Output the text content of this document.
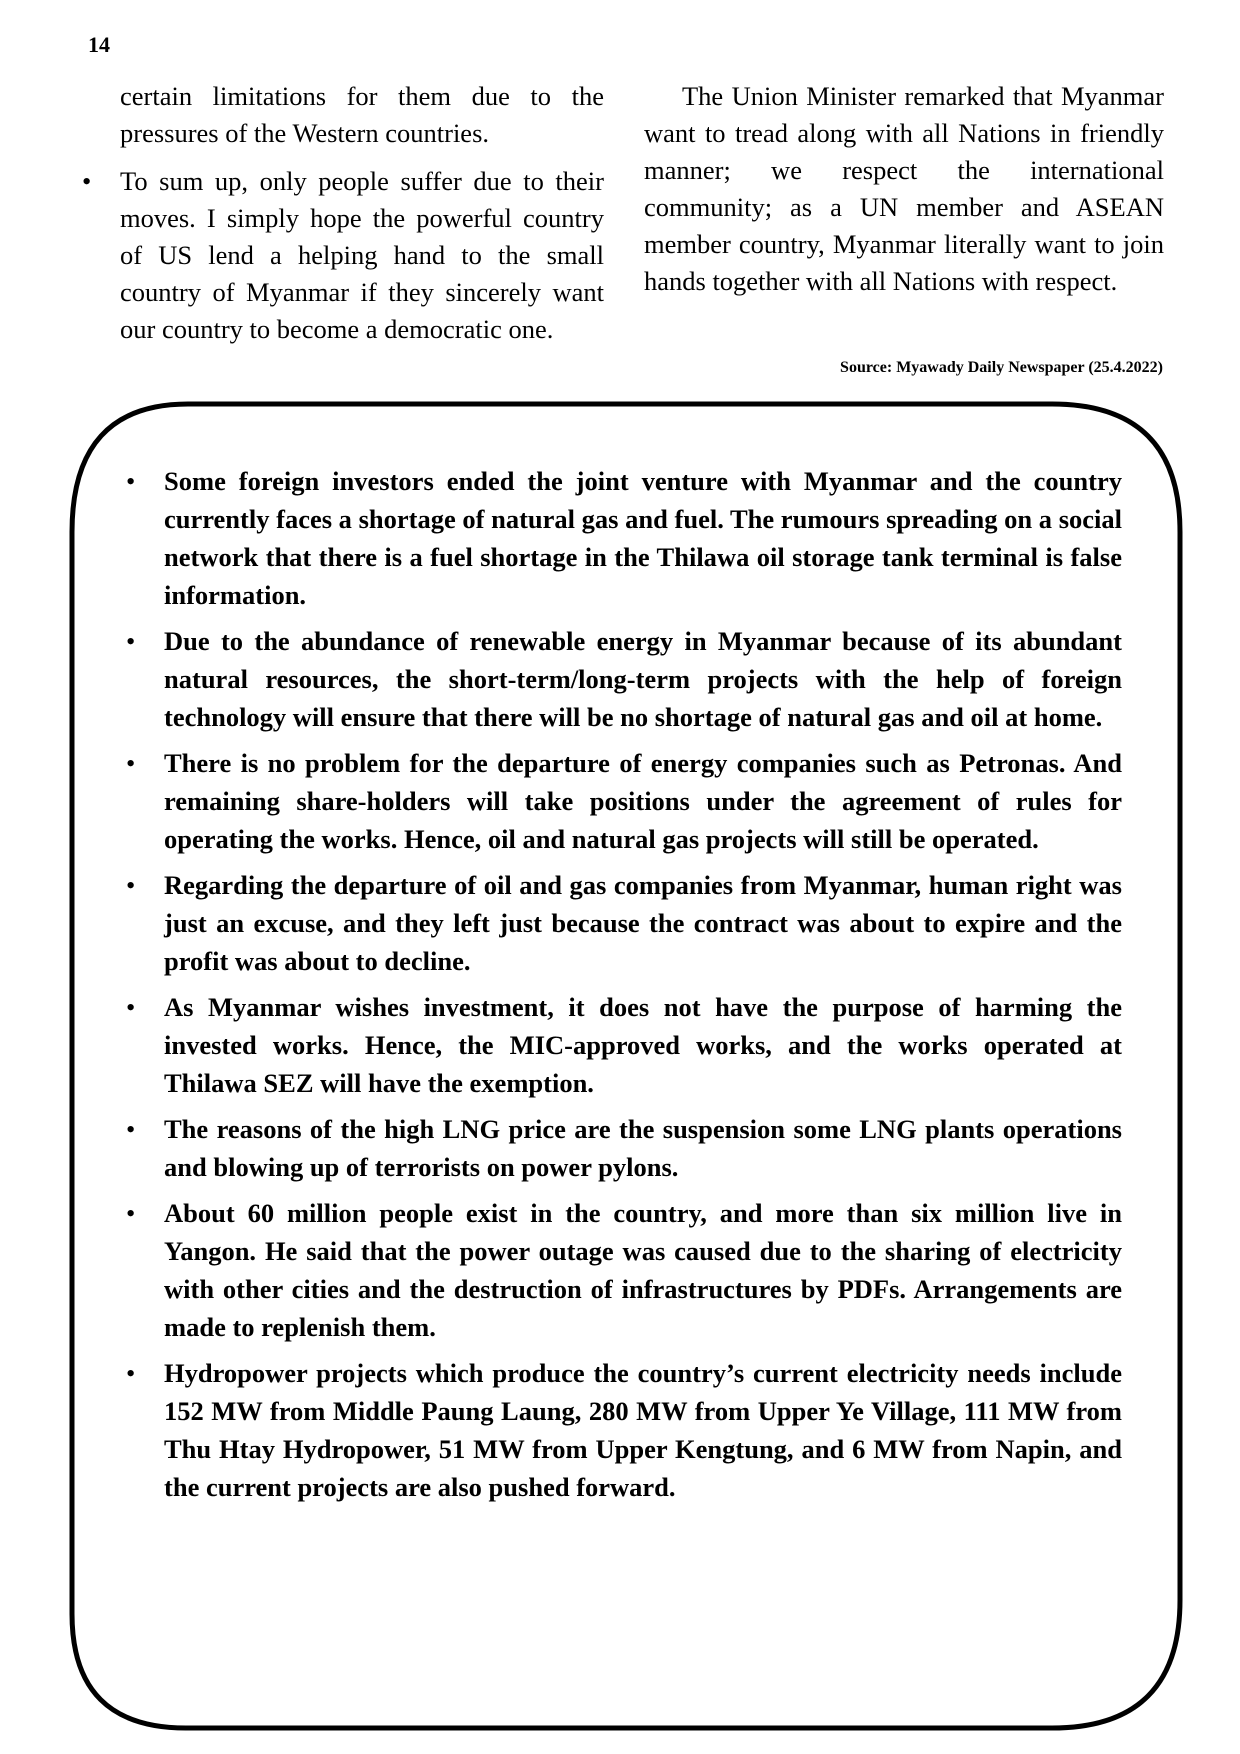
14

certain limitations for them due to the pressures of the Western countries.

• To sum up, only people suffer due to their moves. I simply hope the powerful country of US lend a helping hand to the small country of Myanmar if they sincerely want our country to become a democratic one.

The Union Minister remarked that Myanmar want to tread along with all Nations in friendly manner; we respect the international community; as a UN member and ASEAN member country, Myanmar literally want to join hands together with all Nations with respect.

Source: Myawady Daily Newspaper (25.4.2022)
• Some foreign investors ended the joint venture with Myanmar and the country currently faces a shortage of natural gas and fuel. The rumours spreading on a social network that there is a fuel shortage in the Thilawa oil storage tank terminal is false information.
• Due to the abundance of renewable energy in Myanmar because of its abundant natural resources, the short-term/long-term projects with the help of foreign technology will ensure that there will be no shortage of natural gas and oil at home.
• There is no problem for the departure of energy companies such as Petronas. And remaining share-holders will take positions under the agreement of rules for operating the works. Hence, oil and natural gas projects will still be operated.
• Regarding the departure of oil and gas companies from Myanmar, human right was just an excuse, and they left just because the contract was about to expire and the profit was about to decline.
• As Myanmar wishes investment, it does not have the purpose of harming the invested works. Hence, the MIC-approved works, and the works operated at Thilawa SEZ will have the exemption.
• The reasons of the high LNG price are the suspension some LNG plants operations and blowing up of terrorists on power pylons.
• About 60 million people exist in the country, and more than six million live in Yangon. He said that the power outage was caused due to the sharing of electricity with other cities and the destruction of infrastructures by PDFs. Arrangements are made to replenish them.
• Hydropower projects which produce the country’s current electricity needs include 152 MW from Middle Paung Laung, 280 MW from Upper Ye Village, 111 MW from Thu Htay Hydropower, 51 MW from Upper Kengtung, and 6 MW from Napin, and the current projects are also pushed forward.
